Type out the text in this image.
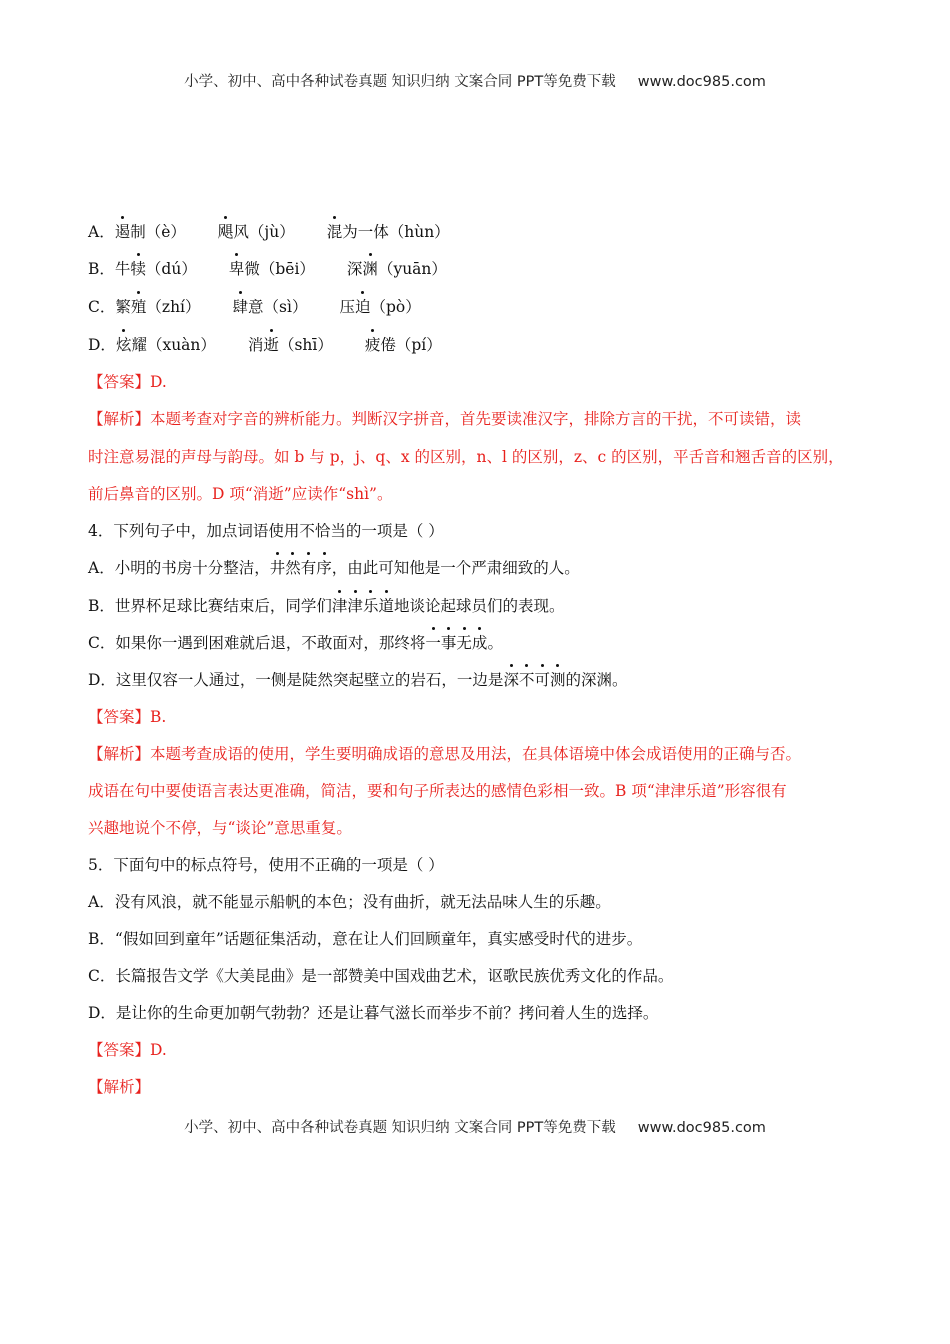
小学、初中、高中各种试卷真题 知识归纳 文案合同 PPT等免费下载 www.doc985.com
A．遏制（è） 飓风（jù） 混为一体（hùn）
B．牛犊（dú） 卑微（bēi） 深渊（yuān）
C．繁殖（zhí） 肆意（sì） 压迫（pò）
D．炫耀（xuàn） 消逝（shī） 疲倦（pí）
【答案】D.
【解析】本题考查对字音的辨析能力。判断汉字拼音，首先要读准汉字，排除方言的干扰，不可读错，读
时注意易混的声母与韵母。如 b 与 p，j、q、x 的区别，n、l 的区别，z、c 的区别，平舌音和翘舌音的区别，
前后鼻音的区别。D 项“消逝”应读作“shì”。
4．下列句子中，加点词语使用不恰当的一项是（ ）
A．小明的书房十分整洁，井然有序，由此可知他是一个严肃细致的人。
B．世界杯足球比赛结束后，同学们津津乐道地谈论起球员们的表现。
C．如果你一遇到困难就后退，不敢面对，那终将一事无成。
D．这里仅容一人通过，一侧是陡然突起壁立的岩石，一边是深不可测的深渊。
【答案】B.
【解析】本题考查成语的使用，学生要明确成语的意思及用法，在具体语境中体会成语使用的正确与否。
成语在句中要使语言表达更准确，简洁，要和句子所表达的感情色彩相一致。B 项“津津乐道”形容很有
兴趣地说个不停，与“谈论”意思重复。
5．下面句中的标点符号，使用不正确的一项是（ ）
A．没有风浪，就不能显示船帆的本色；没有曲折，就无法品味人生的乐趣。
B．“假如回到童年”话题征集活动，意在让人们回顾童年，真实感受时代的进步。
C．长篇报告文学《大美昆曲》是一部赞美中国戏曲艺术，讴歌民族优秀文化的作品。
D．是让你的生命更加朝气勃勃？还是让暮气滋长而举步不前？拷问着人生的选择。
【答案】D.
【解析】
小学、初中、高中各种试卷真题 知识归纳 文案合同 PPT等免费下载 www.doc985.com
